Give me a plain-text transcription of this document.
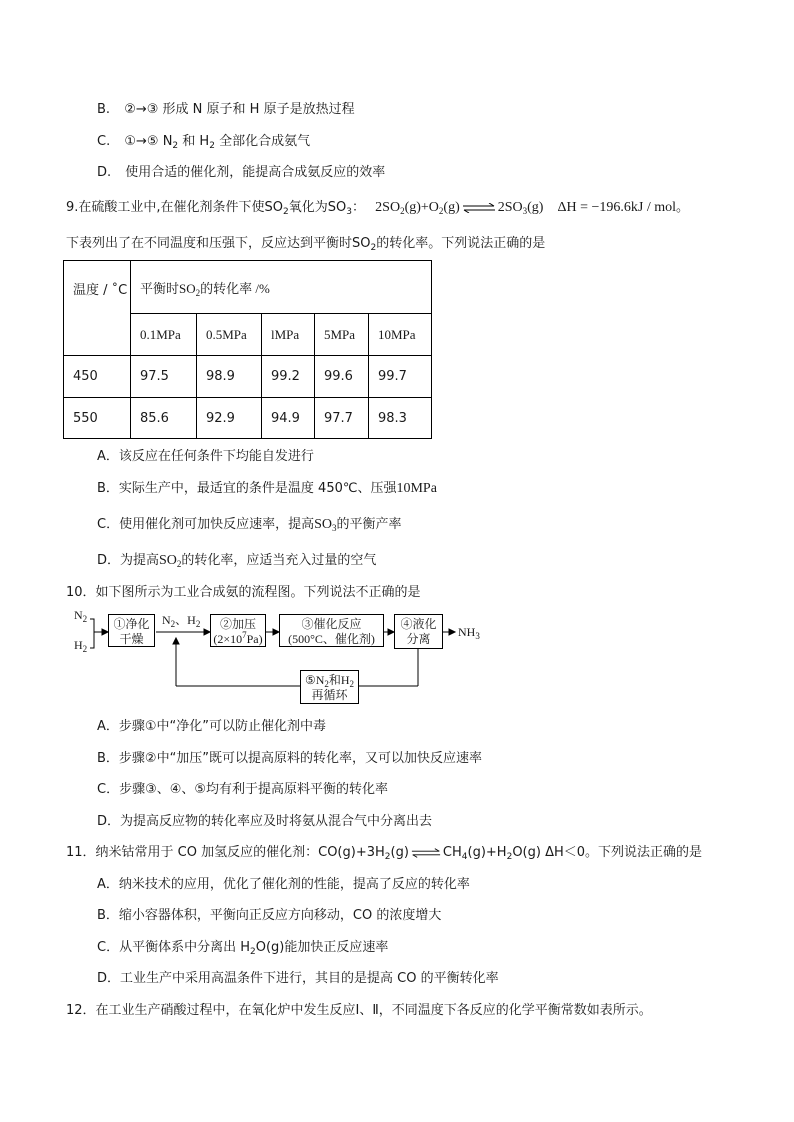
B. ②→③ 形成 N 原子和 H 原子是放热过程
C. ①→⑤ $N_2$ 和 $H_2$ 全部化合成氨气
D. 使用合适的催化剂，能提高合成氨反应的效率
9.在硫酸工业中,在催化剂条件下使$SO_2$氧化为$SO_3$： $2SO_2(g)+O_2(g)$ ⇌ $2SO_3(g) \Delta H = -196.6kJ$ / mol。
下表列出了在不同温度和压强下，反应达到平衡时$SO_2$的转化率。下列说法正确的是
温度 / ˚C	平衡时$SO_2$的转化率 /%				
	0.1MPa	0.5MPa	lMPa	5MPa	10MPa
450	97.5	98.9	99.2	99.6	99.7
550	85.6	92.9	94.9	97.7	98.3
A．该反应在任何条件下均能自发进行
B．实际生产中，最适宜的条件是温度 450℃、压强10MPa
C．使用催化剂可加快反应速率，提高$SO_3$的平衡产率
D．为提高$SO_2$的转化率，应适当充入过量的空气
10．如下图所示为工业合成氨的流程图。下列说法不正确的是
$N_2$
$H_2$
①净化
干燥
$N_2$、$H_2$	②加压
$(2\times 10^7Pa)$
③催化反应
(500°C、催化剂)
④液化
分离	$NH_3$
$⑤N_2$和$H_2$
再循环
A．步骤①中“净化”可以防止催化剂中毒
B．步骤②中“加压”既可以提高原料的转化率，又可以加快反应速率
C．步骤③、④、⑤均有利于提高原料平衡的转化率
D．为提高反应物的转化率应及时将氨从混合气中分离出去
11．纳米钴常用于 CO 加氢反应的催化剂：$CO(g)+3H_2(g)$ ⇌ $CH_4(g)+H_2O(g)$ ΔH＜0。下列说法正确的是
A．纳米技术的应用，优化了催化剂的性能，提高了反应的转化率
B．缩小容器体积，平衡向正反应方向移动，CO 的浓度增大
C．从平衡体系中分离出 $H_2O(g)$能加快正反应速率
D．工业生产中采用高温条件下进行，其目的是提高 CO 的平衡转化率
12．在工业生产硝酸过程中，在氧化炉中发生反应Ⅰ、Ⅱ，不同温度下各反应的化学平衡常数如表所示。
